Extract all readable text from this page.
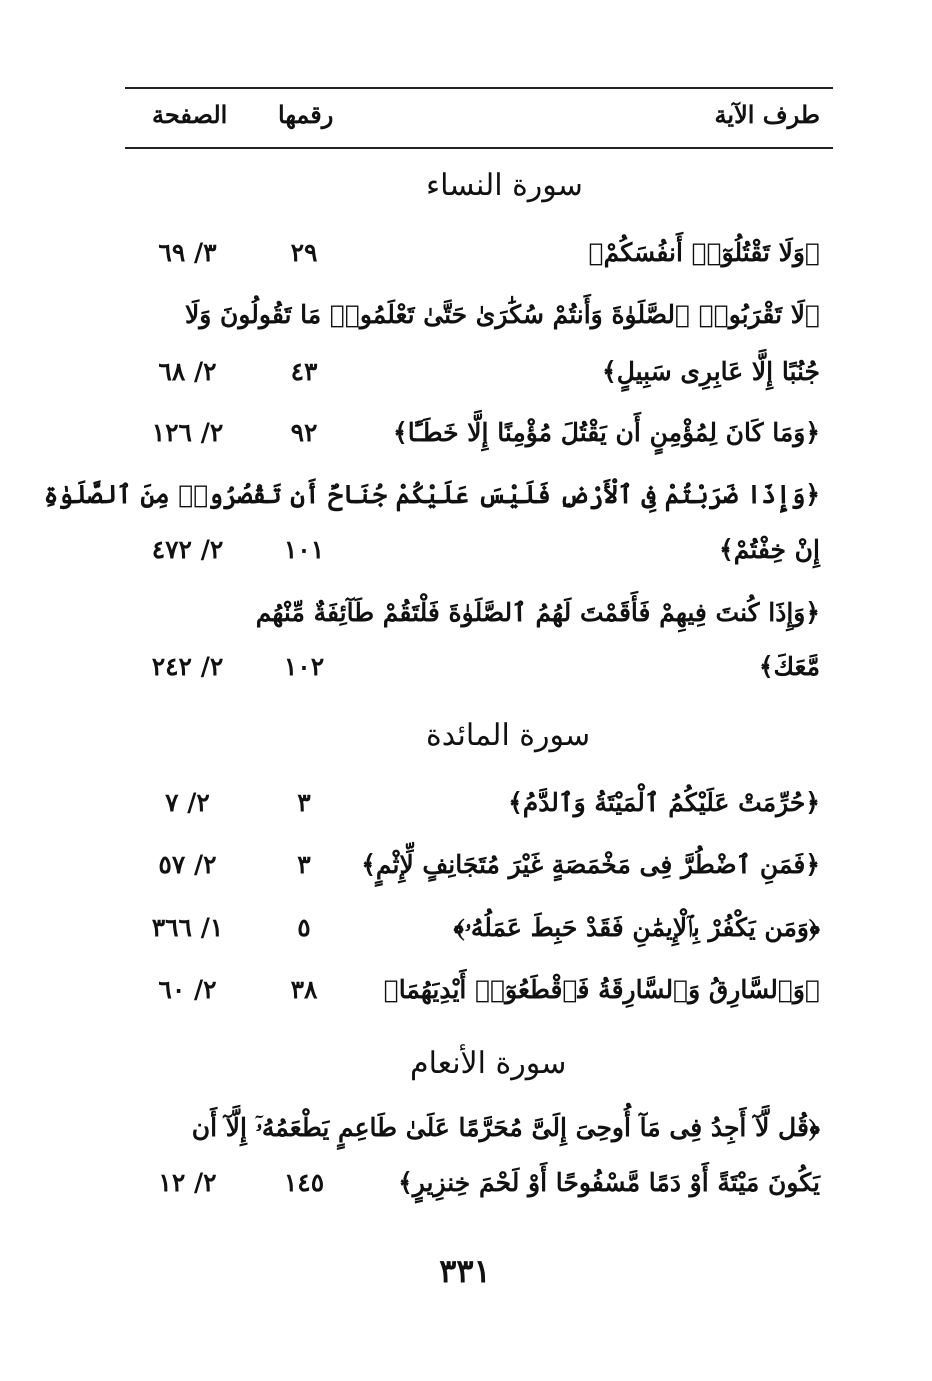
طرف الآية
رقمها
الصفحة
سورة النساء
﴿وَلَا تَقْتُلُوٓا۟ أَنفُسَكُمْ﴾
٢٩
٣/ ٦٩
﴿لَا تَقْرَبُوا۟ ٱلصَّلَوٰةَ وَأَنتُمْ سُكَٰرَىٰ حَتَّىٰ تَعْلَمُوا۟ مَا تَقُولُونَ وَلَا
جُنُبًا إِلَّا عَابِرِى سَبِيلٍ﴾
٤٣
٢/ ٦٨
﴿وَمَا كَانَ لِمُؤْمِنٍ أَن يَقْتُلَ مُؤْمِنًا إِلَّا خَطَـًٔا﴾
٩٢
٢/ ١٢٦
﴿وَإِذَا ضَرَبْتُمْ فِى ٱلْأَرْضِ فَلَيْسَ عَلَيْكُمْ جُنَاحٌ أَن تَقْصُرُوا۟ مِنَ ٱلصَّلَوٰةِ
إِنْ خِفْتُمْ﴾
١٠١
٢/ ٤٧٢
﴿وَإِذَا كُنتَ فِيهِمْ فَأَقَمْتَ لَهُمُ ٱلصَّلَوٰةَ فَلْتَقُمْ طَآئِفَةٌ مِّنْهُم
مَّعَكَ﴾
١٠٢
٢/ ٢٤٢
سورة المائدة
﴿حُرِّمَتْ عَلَيْكُمُ ٱلْمَيْتَةُ وَٱلدَّمُ﴾
٣
٢/ ٧
﴿فَمَنِ ٱضْطُرَّ فِى مَخْمَصَةٍ غَيْرَ مُتَجَانِفٍ لِّإِثْمٍ﴾
٣
٢/ ٥٧
﴿وَمَن يَكْفُرْ بِٱلْإِيمَٰنِ فَقَدْ حَبِطَ عَمَلُهُۥ﴾
٥
١/ ٣٦٦
﴿وَٱلسَّارِقُ وَٱلسَّارِقَةُ فَٱقْطَعُوٓا۟ أَيْدِيَهُمَا﴾
٣٨
٢/ ٦٠
سورة الأنعام
﴿قُل لَّآ أَجِدُ فِى مَآ أُوحِىَ إِلَىَّ مُحَرَّمًا عَلَىٰ طَاعِمٍ يَطْعَمُهُۥٓ إِلَّآ أَن
يَكُونَ مَيْتَةً أَوْ دَمًا مَّسْفُوحًا أَوْ لَحْمَ خِنزِيرٍ﴾
١٤٥
٢/ ١٢
٣٣١
